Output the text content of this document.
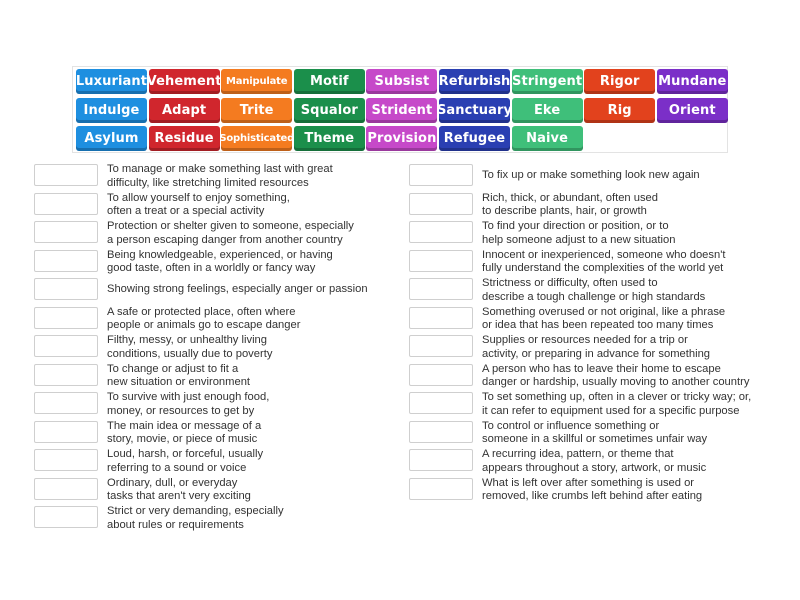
Luxuriant Vehement Manipulate Motif Subsist Refurbish Stringent Rigor Mundane
Indulge Adapt	Trite Squalor Strident Sanctuary Eke	Rig	Orient
Asylum Residue Sophisticated Theme Provision Refugee Naive
To manage or make something last with great
difficulty, like stretching limited resources
To allow yourself to enjoy something,
often a treat or a special activity
Protection or shelter given to someone, especially
a person escaping danger from another country
Being knowledgeable, experienced, or having
good taste, often in a worldly or fancy way
Showing strong feelings, especially anger or passion
A safe or protected place, often where
people or animals go to escape danger
Filthy, messy, or unhealthy living
conditions, usually due to poverty
To change or adjust to fit a
new situation or environment
To survive with just enough food,
money, or resources to get by
The main idea or message of a
story, movie, or piece of music
Loud, harsh, or forceful, usually
referring to a sound or voice
Ordinary, dull, or everyday
tasks that aren't very exciting
Strict or very demanding, especially
about rules or requirements
To fix up or make something look new again
Rich, thick, or abundant, often used
to describe plants, hair, or growth
To find your direction or position, or to
help someone adjust to a new situation
Innocent or inexperienced, someone who doesn't
fully understand the complexities of the world yet
Strictness or difficulty, often used to
describe a tough challenge or high standards
Something overused or not original, like a phrase
or idea that has been repeated too many times
Supplies or resources needed for a trip or
activity, or preparing in advance for something
A person who has to leave their home to escape
danger or hardship, usually moving to another country
To set something up, often in a clever or tricky way; or,
it can refer to equipment used for a specific purpose
To control or influence something or
someone in a skillful or sometimes unfair way
A recurring idea, pattern, or theme that
appears throughout a story, artwork, or music
What is left over after something is used or
removed, like crumbs left behind after eating
